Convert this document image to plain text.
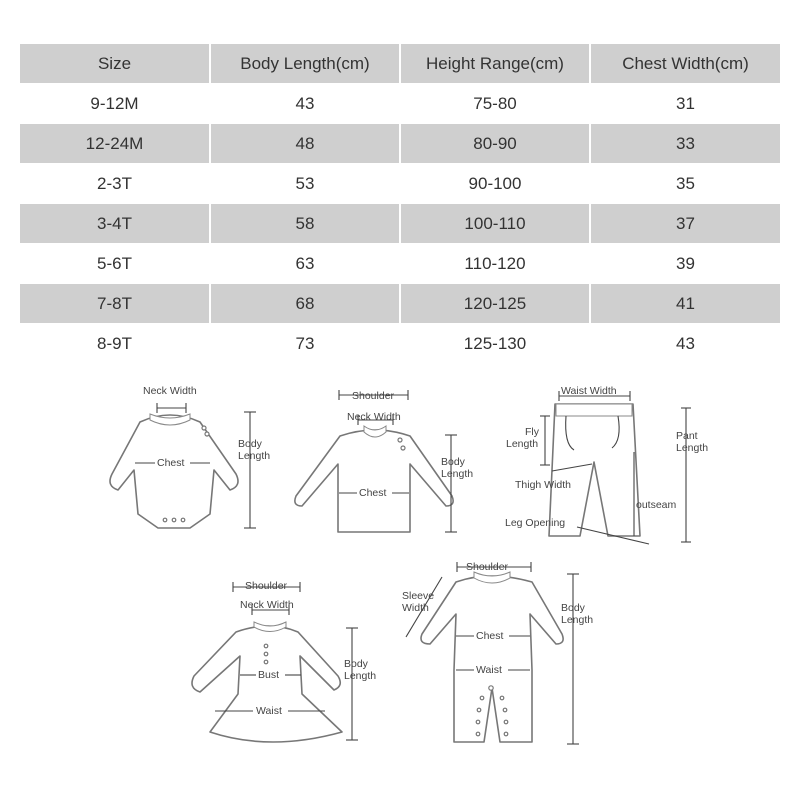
Size	Body Length(cm)	Height Range(cm)	Chest Width(cm)
9-12M	43	75-80	31
12-24M	48	80-90	33
2-3T	53	90-100	35
3-4T	58	100-110	37
5-6T	63	110-120	39
7-8T	68	120-125	41
8-9T	73	125-130	43
Neck Width
Chest
Body
Length
Shoulder
Neck Width
Chest
Body
Length
Waist Width
Fly
Length
Pant
Length
Thigh Width
outseam
Leg Opening
Shoulder
Neck Width
Bust
Waist
Body
Length
Shoulder
Sleeve
Width
Chest
Waist
Body
Length
